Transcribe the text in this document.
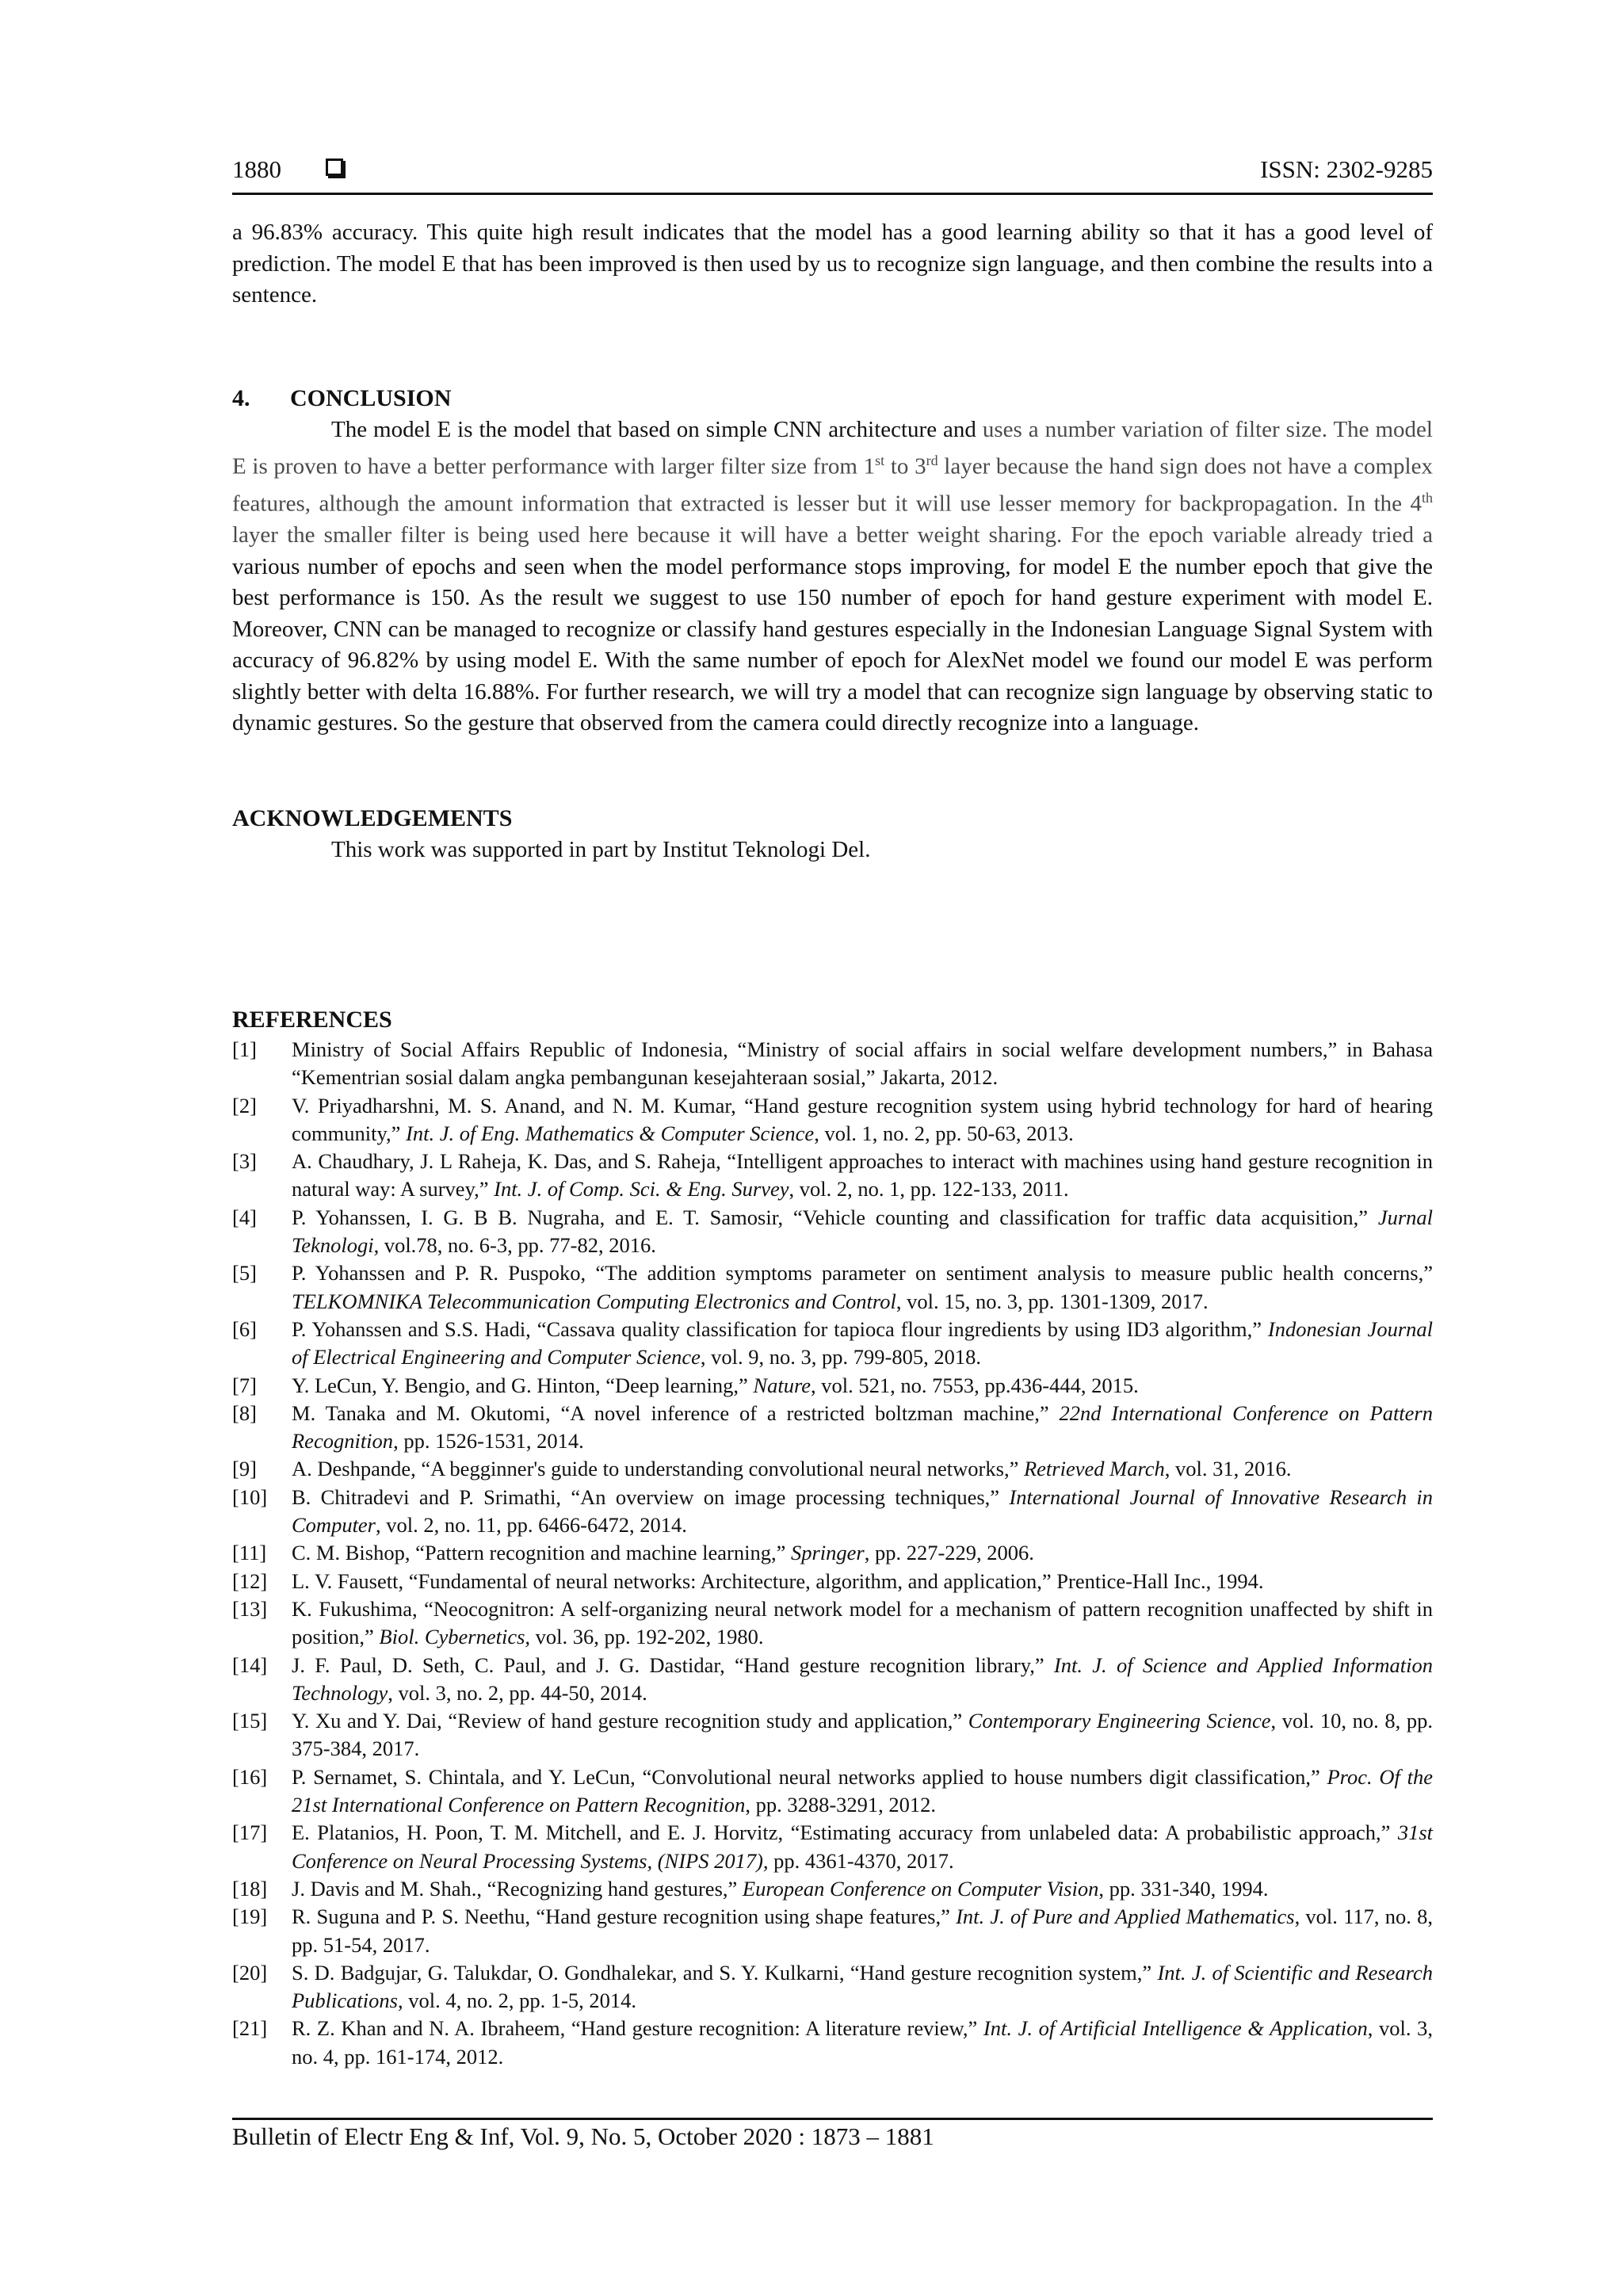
1880	ISSN: 2302-9285

a 96.83% accuracy. This quite high result indicates that the model has a good learning ability so that it has a good level of prediction. The model E that has been improved is then used by us to recognize sign language, and then combine the results into a sentence.

4. CONCLUSION

The model E is the model that based on simple CNN architecture and uses a number variation of filter size. The model E is proven to have a better performance with larger filter size from 1st to 3rd layer because the hand sign does not have a complex features, although the amount information that extracted is lesser but it will use lesser memory for backpropagation. In the 4th layer the smaller filter is being used here because it will have a better weight sharing. For the epoch variable already tried a various number of epochs and seen when the model performance stops improving, for model E the number epoch that give the best performance is 150. As the result we suggest to use 150 number of epoch for hand gesture experiment with model E. Moreover, CNN can be managed to recognize or classify hand gestures especially in the Indonesian Language Signal System with accuracy of 96.82% by using model E. With the same number of epoch for AlexNet model we found our model E was perform slightly better with delta 16.88%. For further research, we will try a model that can recognize sign language by observing static to dynamic gestures. So the gesture that observed from the camera could directly recognize into a language.

ACKNOWLEDGEMENTS

This work was supported in part by Institut Teknologi Del.

REFERENCES
[1] Ministry of Social Affairs Republic of Indonesia, “Ministry of social affairs in social welfare development numbers,” in Bahasa “Kementrian sosial dalam angka pembangunan kesejahteraan sosial,” Jakarta, 2012.
[2] V. Priyadharshni, M. S. Anand, and N. M. Kumar, “Hand gesture recognition system using hybrid technology for hard of hearing community,” Int. J. of Eng. Mathematics & Computer Science, vol. 1, no. 2, pp. 50-63, 2013.
[3] A. Chaudhary, J. L Raheja, K. Das, and S. Raheja, “Intelligent approaches to interact with machines using hand gesture recognition in natural way: A survey,” Int. J. of Comp. Sci. & Eng. Survey, vol. 2, no. 1, pp. 122-133, 2011.
[4] P. Yohanssen, I. G. B B. Nugraha, and E. T. Samosir, “Vehicle counting and classification for traffic data acquisition,” Jurnal Teknologi, vol.78, no. 6-3, pp. 77-82, 2016.
[5] P. Yohanssen and P. R. Puspoko, “The addition symptoms parameter on sentiment analysis to measure public health concerns,” TELKOMNIKA Telecommunication Computing Electronics and Control, vol. 15, no. 3, pp. 1301-1309, 2017.
[6] P. Yohanssen and S.S. Hadi, “Cassava quality classification for tapioca flour ingredients by using ID3 algorithm,” Indonesian Journal of Electrical Engineering and Computer Science, vol. 9, no. 3, pp. 799-805, 2018.
[7] Y. LeCun, Y. Bengio, and G. Hinton, “Deep learning,” Nature, vol. 521, no. 7553, pp.436-444, 2015.
[8] M. Tanaka and M. Okutomi, “A novel inference of a restricted boltzman machine,” 22nd International Conference on Pattern Recognition, pp. 1526-1531, 2014.
[9] A. Deshpande, “A begginner's guide to understanding convolutional neural networks,” Retrieved March, vol. 31, 2016.
[10] B. Chitradevi and P. Srimathi, “An overview on image processing techniques,” International Journal of Innovative Research in Computer, vol. 2, no. 11, pp. 6466-6472, 2014.
[11] C. M. Bishop, “Pattern recognition and machine learning,” Springer, pp. 227-229, 2006.
[12] L. V. Fausett, “Fundamental of neural networks: Architecture, algorithm, and application,” Prentice-Hall Inc., 1994.
[13] K. Fukushima, “Neocognitron: A self-organizing neural network model for a mechanism of pattern recognition unaffected by shift in position,” Biol. Cybernetics, vol. 36, pp. 192-202, 1980.
[14] J. F. Paul, D. Seth, C. Paul, and J. G. Dastidar, “Hand gesture recognition library,” Int. J. of Science and Applied Information Technology, vol. 3, no. 2, pp. 44-50, 2014.
[15] Y. Xu and Y. Dai, “Review of hand gesture recognition study and application,” Contemporary Engineering Science, vol. 10, no. 8, pp. 375-384, 2017.
[16] P. Sernamet, S. Chintala, and Y. LeCun, “Convolutional neural networks applied to house numbers digit classification,” Proc. Of the 21st International Conference on Pattern Recognition, pp. 3288-3291, 2012.
[17] E. Platanios, H. Poon, T. M. Mitchell, and E. J. Horvitz, “Estimating accuracy from unlabeled data: A probabilistic approach,” 31st Conference on Neural Processing Systems, (NIPS 2017), pp. 4361-4370, 2017.
[18] J. Davis and M. Shah., “Recognizing hand gestures,” European Conference on Computer Vision, pp. 331-340, 1994.
[19] R. Suguna and P. S. Neethu, “Hand gesture recognition using shape features,” Int. J. of Pure and Applied Mathematics, vol. 117, no. 8, pp. 51-54, 2017.
[20] S. D. Badgujar, G. Talukdar, O. Gondhalekar, and S. Y. Kulkarni, “Hand gesture recognition system,” Int. J. of Scientific and Research Publications, vol. 4, no. 2, pp. 1-5, 2014.
[21] R. Z. Khan and N. A. Ibraheem, “Hand gesture recognition: A literature review,” Int. J. of Artificial Intelligence & Application, vol. 3, no. 4, pp. 161-174, 2012.
Bulletin of Electr Eng & Inf, Vol. 9, No. 5, October 2020 : 1873 – 1881
